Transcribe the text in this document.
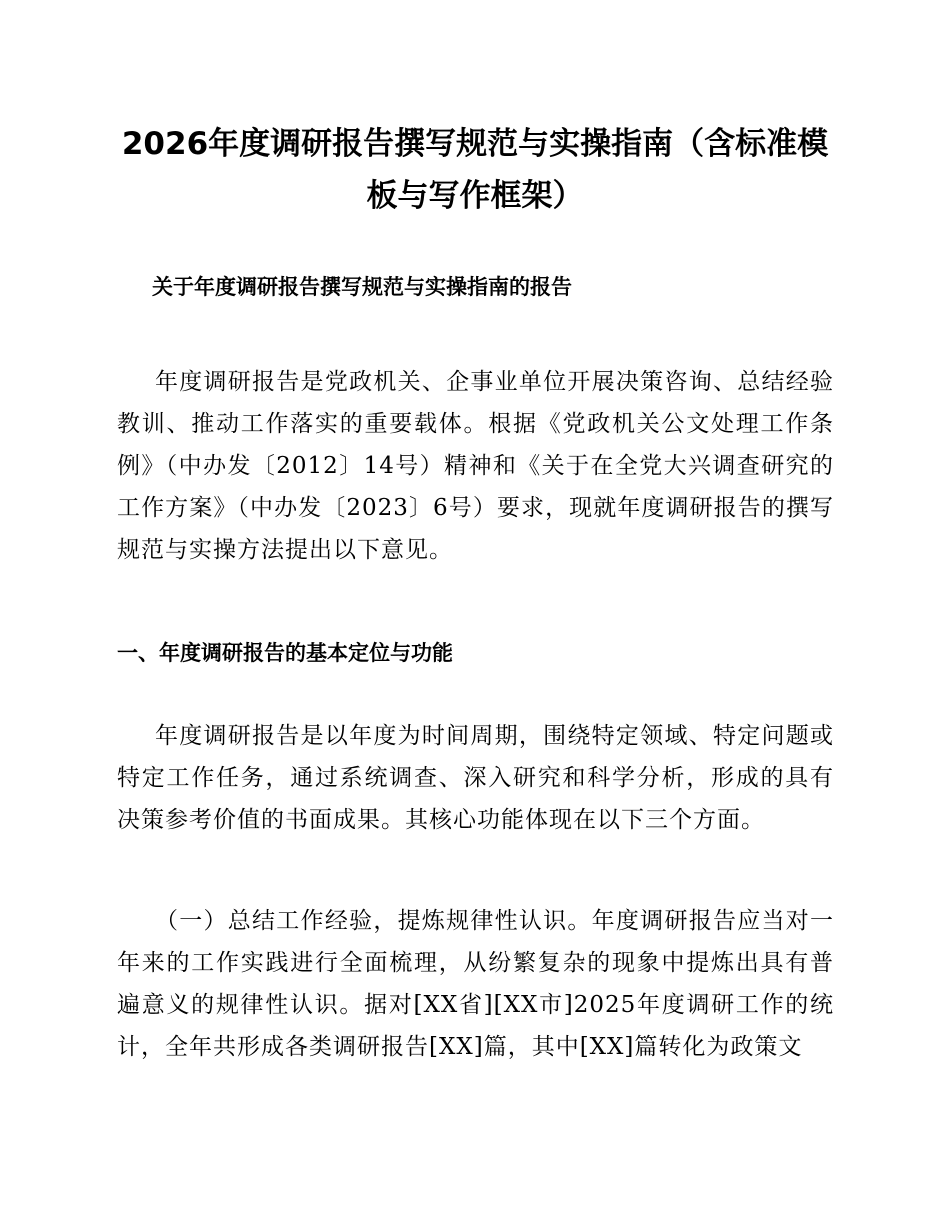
2026年度调研报告撰写规范与实操指南（含标准模板与写作框架）
关于年度调研报告撰写规范与实操指南的报告

年度调研报告是党政机关、企事业单位开展决策咨询、总结经验教训、推动工作落实的重要载体。根据《党政机关公文处理工作条例》（中办发〔2012〕14号）精神和《关于在全党大兴调查研究的工作方案》（中办发〔2023〕6号）要求，现就年度调研报告的撰写规范与实操方法提出以下意见。

一、年度调研报告的基本定位与功能

年度调研报告是以年度为时间周期，围绕特定领域、特定问题或特定工作任务，通过系统调查、深入研究和科学分析，形成的具有决策参考价值的书面成果。其核心功能体现在以下三个方面。

（一）总结工作经验，提炼规律性认识。年度调研报告应当对一年来的工作实践进行全面梳理，从纷繁复杂的现象中提炼出具有普遍意义的规律性认识。据对[XX省][XX市]2025年度调研工作的统计，全年共形成各类调研报告[XX]篇，其中[XX]篇转化为政策文
